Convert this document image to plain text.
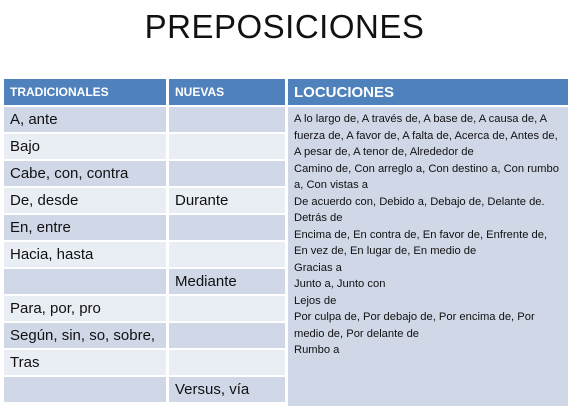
PREPOSICIONES
TRADICIONALES
A, ante
Bajo
Cabe, con, contra
De, desde
En, entre
Hacia, hasta
Para, por, pro
Según, sin, so, sobre,
Tras
NUEVAS
Durante
Mediante
Versus, vía
LOCUCIONES
A lo largo de, A través de, A base de, A causa de, A fuerza de, A favor de, A falta de, Acerca de, Antes de, A pesar de, A tenor de, Alrededor de
Camino de, Con arreglo a, Con destino a, Con rumbo a, Con vistas a
De acuerdo con, Debido a, Debajo de, Delante de. Detrás de
Encima de, En contra de, En favor de, Enfrente de, En vez de, En lugar de, En medio de
Gracias a
Junto a, Junto con
Lejos de
Por culpa de, Por debajo de, Por encima de, Por medio de, Por delante de
Rumbo a
